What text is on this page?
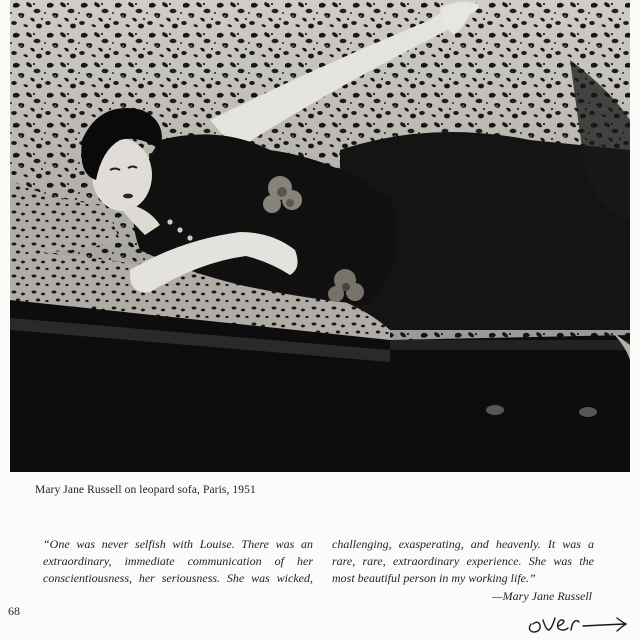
Mary Jane Russell on leopard sofa, Paris, 1951
“One was never selfish with Louise. There was an
extraordinary, immediate communication of her
conscientiousness, her seriousness. She was wicked,
challenging, exasperating, and heavenly. It was a
rare, rare, extraordinary experience. She was the
most beautiful person in my working life.”
—Mary Jane Russell
68
